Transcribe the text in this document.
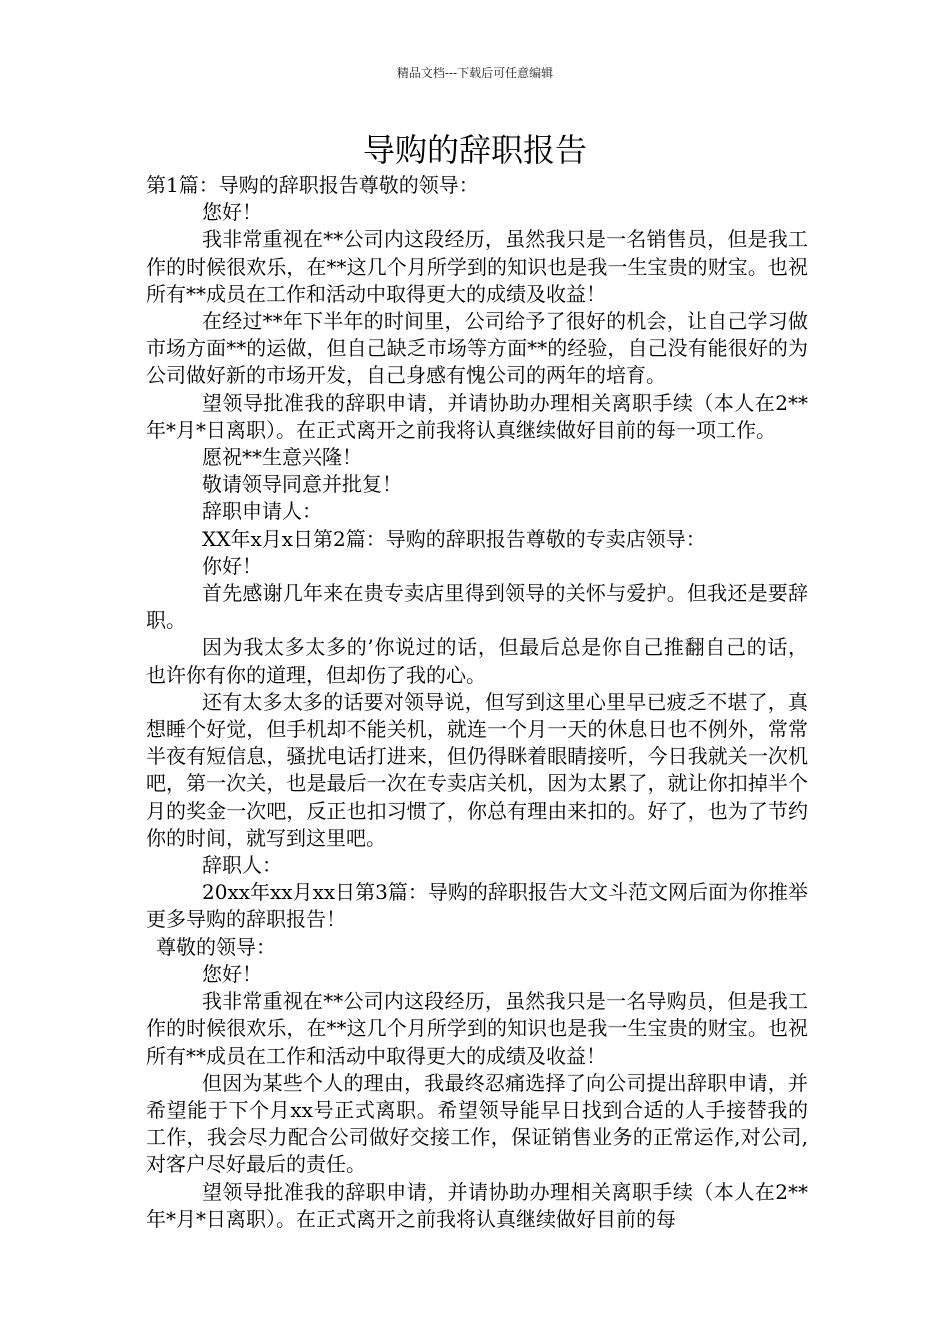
精品文档---下载后可任意编辑
导购的辞职报告

第1篇：导购的辞职报告尊敬的领导：

您好！

我非常重视在**公司内这段经历，虽然我只是一名销售员，但是我工作的时候很欢乐，在**这几个月所学到的知识也是我一生宝贵的财宝。也祝所有**成员在工作和活动中取得更大的成绩及收益！

在经过**年下半年的时间里，公司给予了很好的机会，让自己学习做市场方面**的运做，但自己缺乏市场等方面**的经验，自己没有能很好的为公司做好新的市场开发，自己身感有愧公司的两年的培育。

望领导批准我的辞职申请，并请协助办理相关离职手续（本人在2**年*月*日离职）。在正式离开之前我将认真继续做好目前的每一项工作。

愿祝**生意兴隆！

敬请领导同意并批复！

辞职申请人：

XX年x月x日第2篇：导购的辞职报告尊敬的专卖店领导：

你好！

首先感谢几年来在贵专卖店里得到领导的关怀与爱护。但我还是要辞职。

因为我太多太多的’你说过的话，但最后总是你自己推翻自己的话，也许你有你的道理，但却伤了我的心。

还有太多太多的话要对领导说，但写到这里心里早已疲乏不堪了，真想睡个好觉，但手机却不能关机，就连一个月一天的休息日也不例外，常常半夜有短信息，骚扰电话打进来，但仍得眯着眼睛接听，今日我就关一次机吧，第一次关，也是最后一次在专卖店关机，因为太累了，就让你扣掉半个月的奖金一次吧，反正也扣习惯了，你总有理由来扣的。好了，也为了节约你的时间，就写到这里吧。

辞职人：

20xx年xx月xx日第3篇：导购的辞职报告大文斗范文网后面为你推举更多导购的辞职报告！

尊敬的领导：

您好！

我非常重视在**公司内这段经历，虽然我只是一名导购员，但是我工作的时候很欢乐，在**这几个月所学到的知识也是我一生宝贵的财宝。也祝所有**成员在工作和活动中取得更大的成绩及收益！

但因为某些个人的理由，我最终忍痛选择了向公司提出辞职申请，并希望能于下个月xx号正式离职。希望领导能早日找到合适的人手接替我的工作，我会尽力配合公司做好交接工作，保证销售业务的正常运作,对公司,对客户尽好最后的责任。

望领导批准我的辞职申请，并请协助办理相关离职手续（本人在2**年*月*日离职）。在正式离开之前我将认真继续做好目前的每
